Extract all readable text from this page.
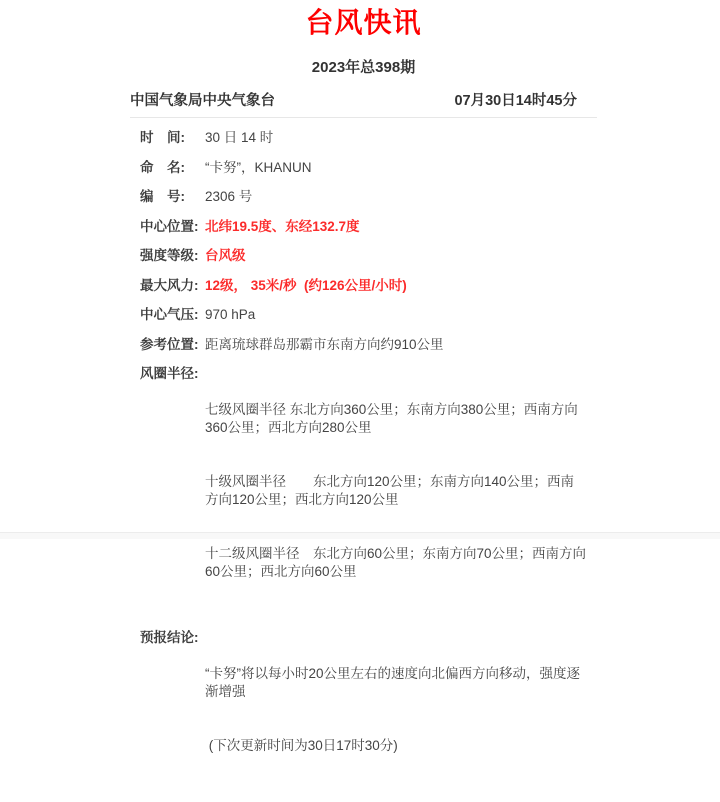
台风快讯
2023年总398期
中国气象局中央气象台	07月30日14时45分
时　间:	30 日 14 时
命　名:	“卡努”，KHANUN
编　号:	2306 号
中心位置: 北纬19.5度、东经132.7度
强度等级: 台风级
最大风力: 12级， 35米/秒  (约126公里/小时)
中心气压: 970 hPa
参考位置: 距离琉球群岛那霸市东南方向约910公里
风圈半径:

七级风圈半径 东北方向360公里；东南方向380公里；西南方向360公里；西北方向280公里

十级风圈半径　　东北方向120公里；东南方向140公里；西南方向120公里；西北方向120公里

十二级风圈半径　东北方向60公里；东南方向70公里；西南方向60公里；西北方向60公里

预报结论:

“卡努”将以每小时20公里左右的速度向北偏西方向移动，强度逐渐增强

(下次更新时间为30日17时30分)
